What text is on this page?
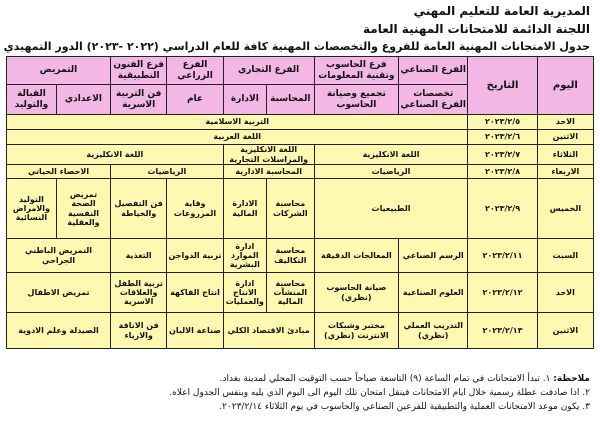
المديرية العامة للتعليم المهني
اللجنة الدائمة للامتحانات المهنية العامة
جدول الامتحانات المهنية العامة للفروع والتخصصات المهنية كافة للعام الدراسي (٢٠٢٢ -٢٠٢٣) الدور التمهيدي
اليوم	التاريخ	الفرع الصناعي	فرع الحاسوب وتقنية المعلومات	الفرع التجاري		الفرع الزراعي	فرع الفنون التطبيقية	التمريض	
		تخصصات الفرع الصناعي	تجميع وصيانة الحاسوب	المحاسبة	الادارة	عام	فن التربية الاسرية	الاعدادي	القبالة والتوليد
الاحد	٢٠٢٣/٢/٥	التربية الاسلامية							
الاثنين	٢٠٢٣/٢/٦	اللغة العربية							
الثلاثاء	٢٠٢٣/٢/٧	اللغة الانكليزية		اللغة الانكليزية والمراسلات التجارية		اللغة الانكليزية			
الاربعاء	٢٠٢٣/٢/٨	الرياضيات		المحاسبة الادارية		الرياضيات		الاحصاء الحياتي	
الخميس	٢٠٢٣/٢/٩	الطبيعيات		محاسبة الشركات	الادارة المالية	وقاية المزروعات	فن التفصيل والخياطة	تمريض الصحة النفسية والعقلية	التوليد والامراض النسائية
السبت	٢٠٢٣/٢/١١	الرسم الصناعي	المعالجات الدقيقة	محاسبة التكاليف	ادارة الموارد البشرية	تربية الدواجن	التغذية	التمريض الباطني الجراحي	
الاحد	٢٠٢٣/٢/١٢	العلوم الصناعية	صيانة الحاسوب (نظري)	محاسبة المنشآت المالية	ادارة الانتاج والعمليات	انتاج الفاكهة	تربية الطفل والعلاقات الاسرية	تمريض الاطفال	
الاثنين	٢٠٢٣/٢/١٣	التدريب العملي (نظري)	مختبر وشبكات الانترنت (نظري)	مبادئ الاقتصاد الكلي		صناعة الالبان	فن الاناقة والازياء	الصيدلة وعلم الادوية	
ملاحظة: ١. تبدأ الامتحانات في تمام الساعة (٩) التاسعة صباحاً حسب التوقيت المحلي لمدينة بغداد.
٢. اذا صادفت عطلة رسمية خلال ايام الامتحانات فينقل امتحان تلك اليوم الى اليوم الذي يليه وبنفس الجدول اعلاه.
٣. يكون موعد الامتحانات العملية والتطبيقية للفرعين الصناعي والحاسوب في يوم الثلاثاء ٢٠٢٣/٢/١٤.
